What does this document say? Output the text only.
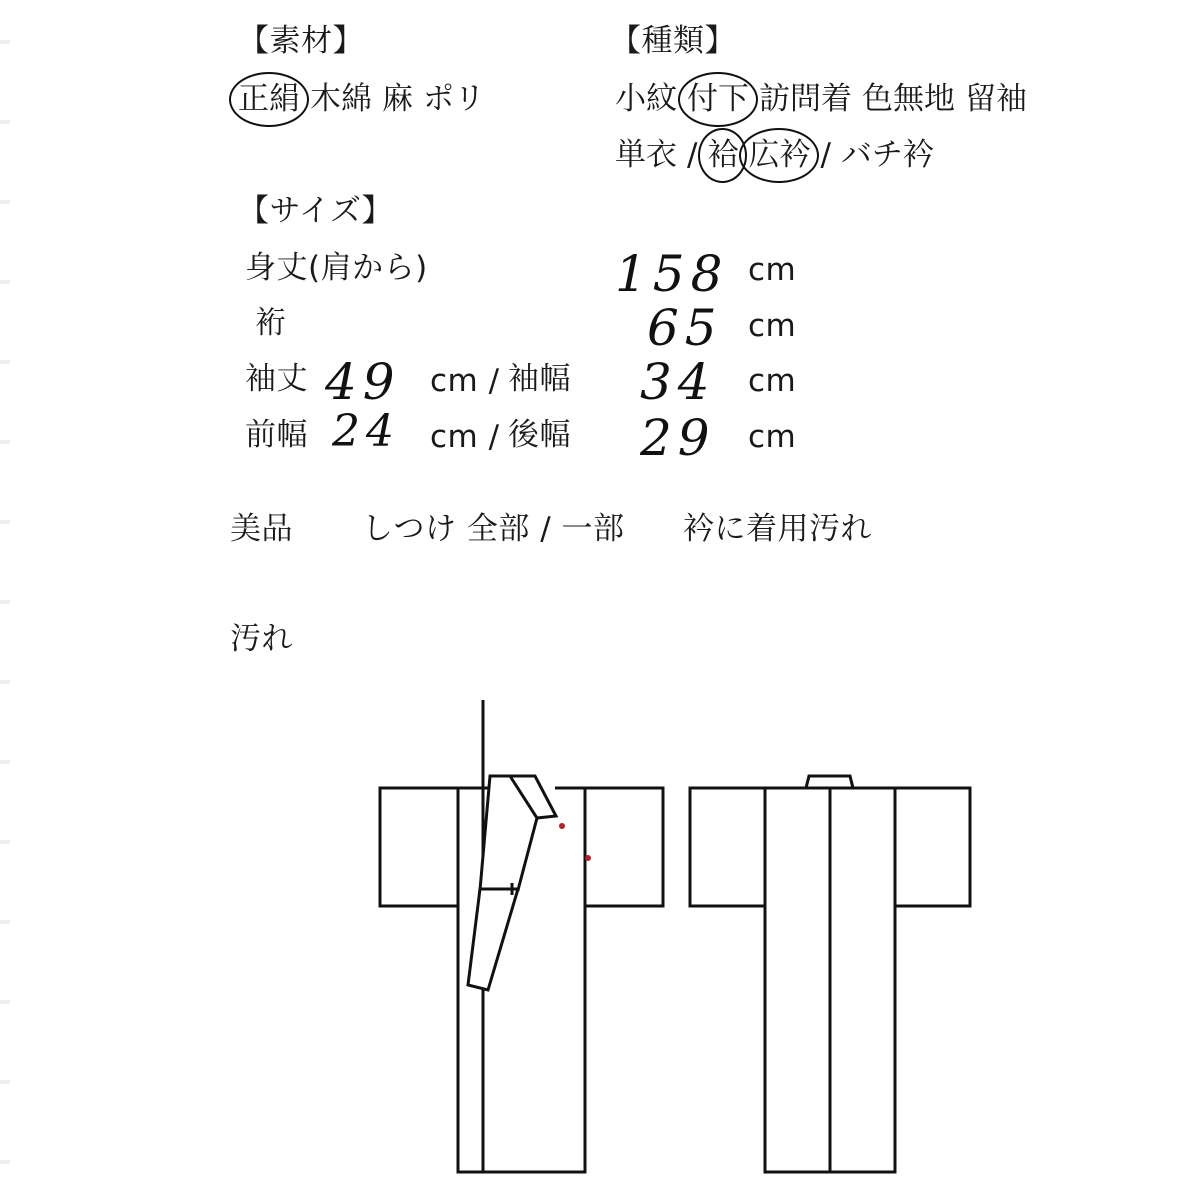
【素材】
正絹 木綿 麻 ポリ
【種類】
小紋 付下 訪問着 色無地 留袖
単衣 / 袷 広衿 / バチ衿
【サイズ】
身丈(肩から)	158 cm
裄	65 cm
袖丈 49 cm / 袖幅 34 cm
前幅 24 cm / 後幅 29 cm
美品 しつけ 全部 / 一部 衿に着用汚れ
汚れ
